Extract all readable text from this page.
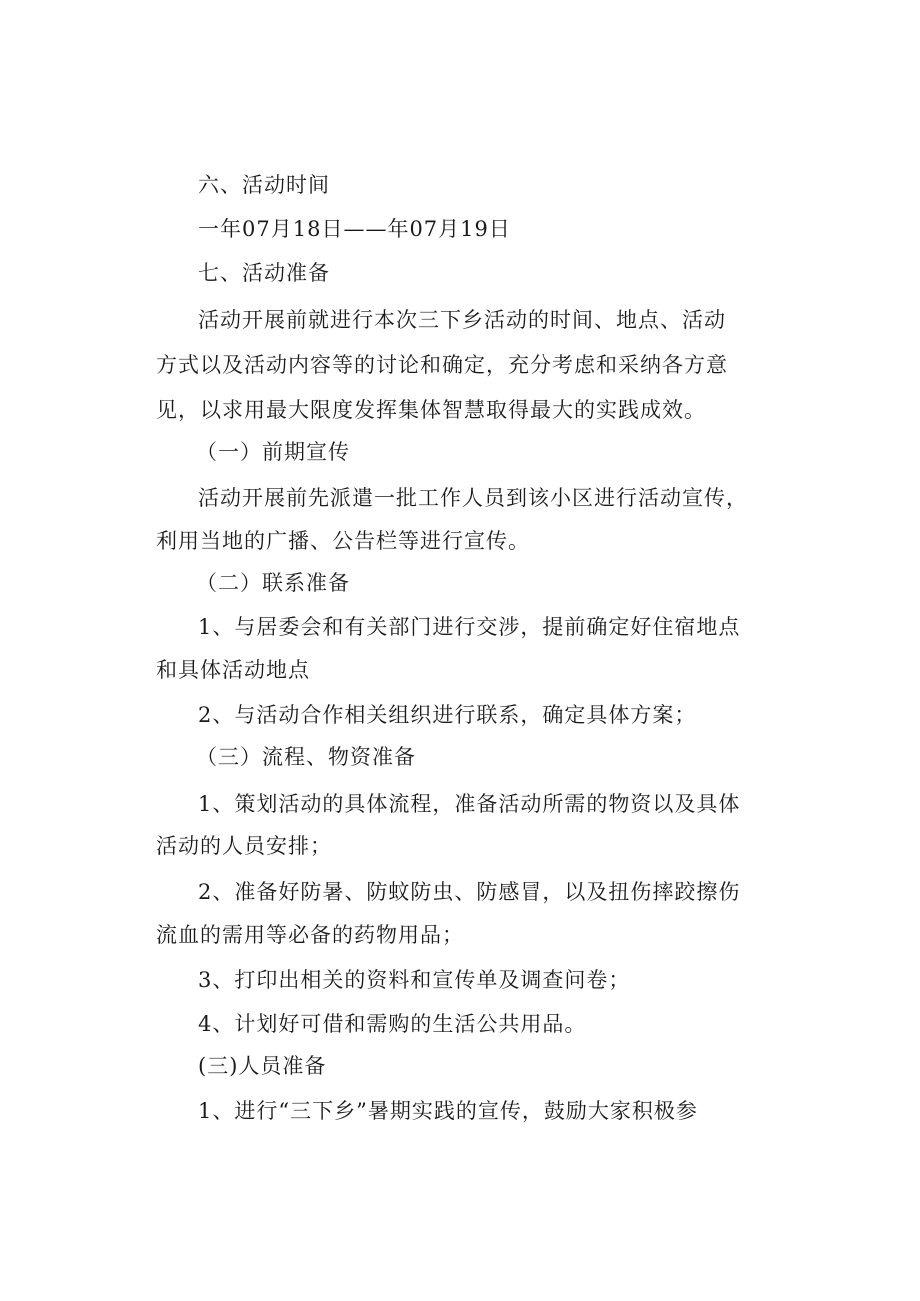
六、活动时间
一年07月18日——年07月19日
七、活动准备
活动开展前就进行本次三下乡活动的时间、地点、活动
方式以及活动内容等的讨论和确定，充分考虑和采纳各方意
见，以求用最大限度发挥集体智慧取得最大的实践成效。
（一）前期宣传
活动开展前先派遣一批工作人员到该小区进行活动宣传，
利用当地的广播、公告栏等进行宣传。
（二）联系准备
1、与居委会和有关部门进行交涉，提前确定好住宿地点
和具体活动地点
2、与活动合作相关组织进行联系，确定具体方案；
（三）流程、物资准备
1、策划活动的具体流程，准备活动所需的物资以及具体
活动的人员安排；
2、准备好防暑、防蚊防虫、防感冒，以及扭伤摔跤擦伤
流血的需用等必备的药物用品；
3、打印出相关的资料和宣传单及调查问卷；
4、计划好可借和需购的生活公共用品。
(三)人员准备
1、进行“三下乡”暑期实践的宣传，鼓励大家积极参
